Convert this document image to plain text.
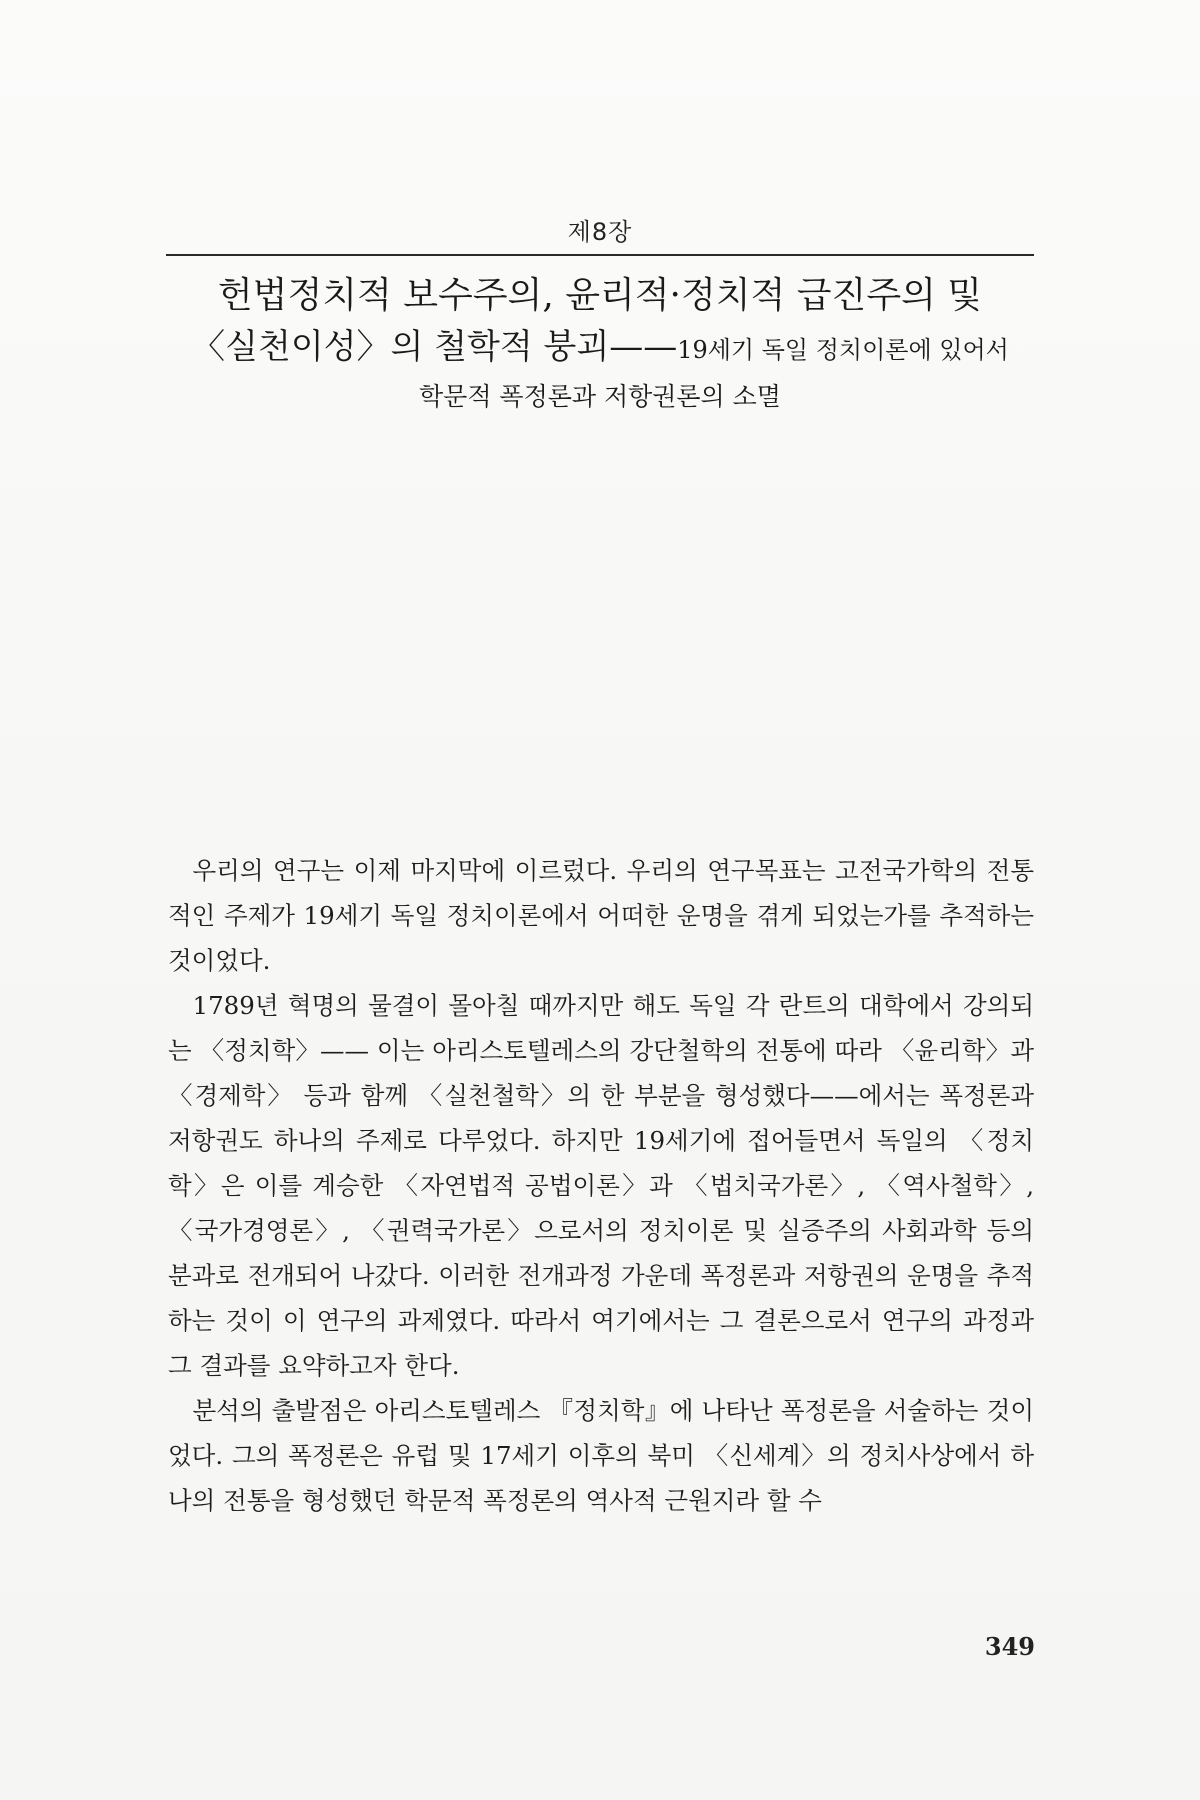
제8장
헌법정치적 보수주의, 윤리적·정치적 급진주의 및
〈실천이성〉의 철학적 붕괴——19세기 독일 정치이론에 있어서
학문적 폭정론과 저항권론의 소멸

우리의 연구는 이제 마지막에 이르렀다. 우리의 연구목표는 고전국가학의 전통적인 주제가 19세기 독일 정치이론에서 어떠한 운명을 겪게 되었는가를 추적하는 것이었다.

1789년 혁명의 물결이 몰아칠 때까지만 해도 독일 각 란트의 대학에서 강의되는 〈정치학〉—— 이는 아리스토텔레스의 강단철학의 전통에 따라 〈윤리학〉과 〈경제학〉 등과 함께 〈실천철학〉의 한 부분을 형성했다——에서는 폭정론과 저항권도 하나의 주제로 다루었다. 하지만 19세기에 접어들면서 독일의 〈정치학〉은 이를 계승한 〈자연법적 공법이론〉과 〈법치국가론〉, 〈역사철학〉, 〈국가경영론〉, 〈권력국가론〉으로서의 정치이론 및 실증주의 사회과학 등의 분과로 전개되어 나갔다. 이러한 전개과정 가운데 폭정론과 저항권의 운명을 추적하는 것이 이 연구의 과제였다. 따라서 여기에서는 그 결론으로서 연구의 과정과 그 결과를 요약하고자 한다.

분석의 출발점은 아리스토텔레스 『정치학』에 나타난 폭정론을 서술하는 것이었다. 그의 폭정론은 유럽 및 17세기 이후의 북미 〈신세계〉의 정치사상에서 하나의 전통을 형성했던 학문적 폭정론의 역사적 근원지라 할 수

349
